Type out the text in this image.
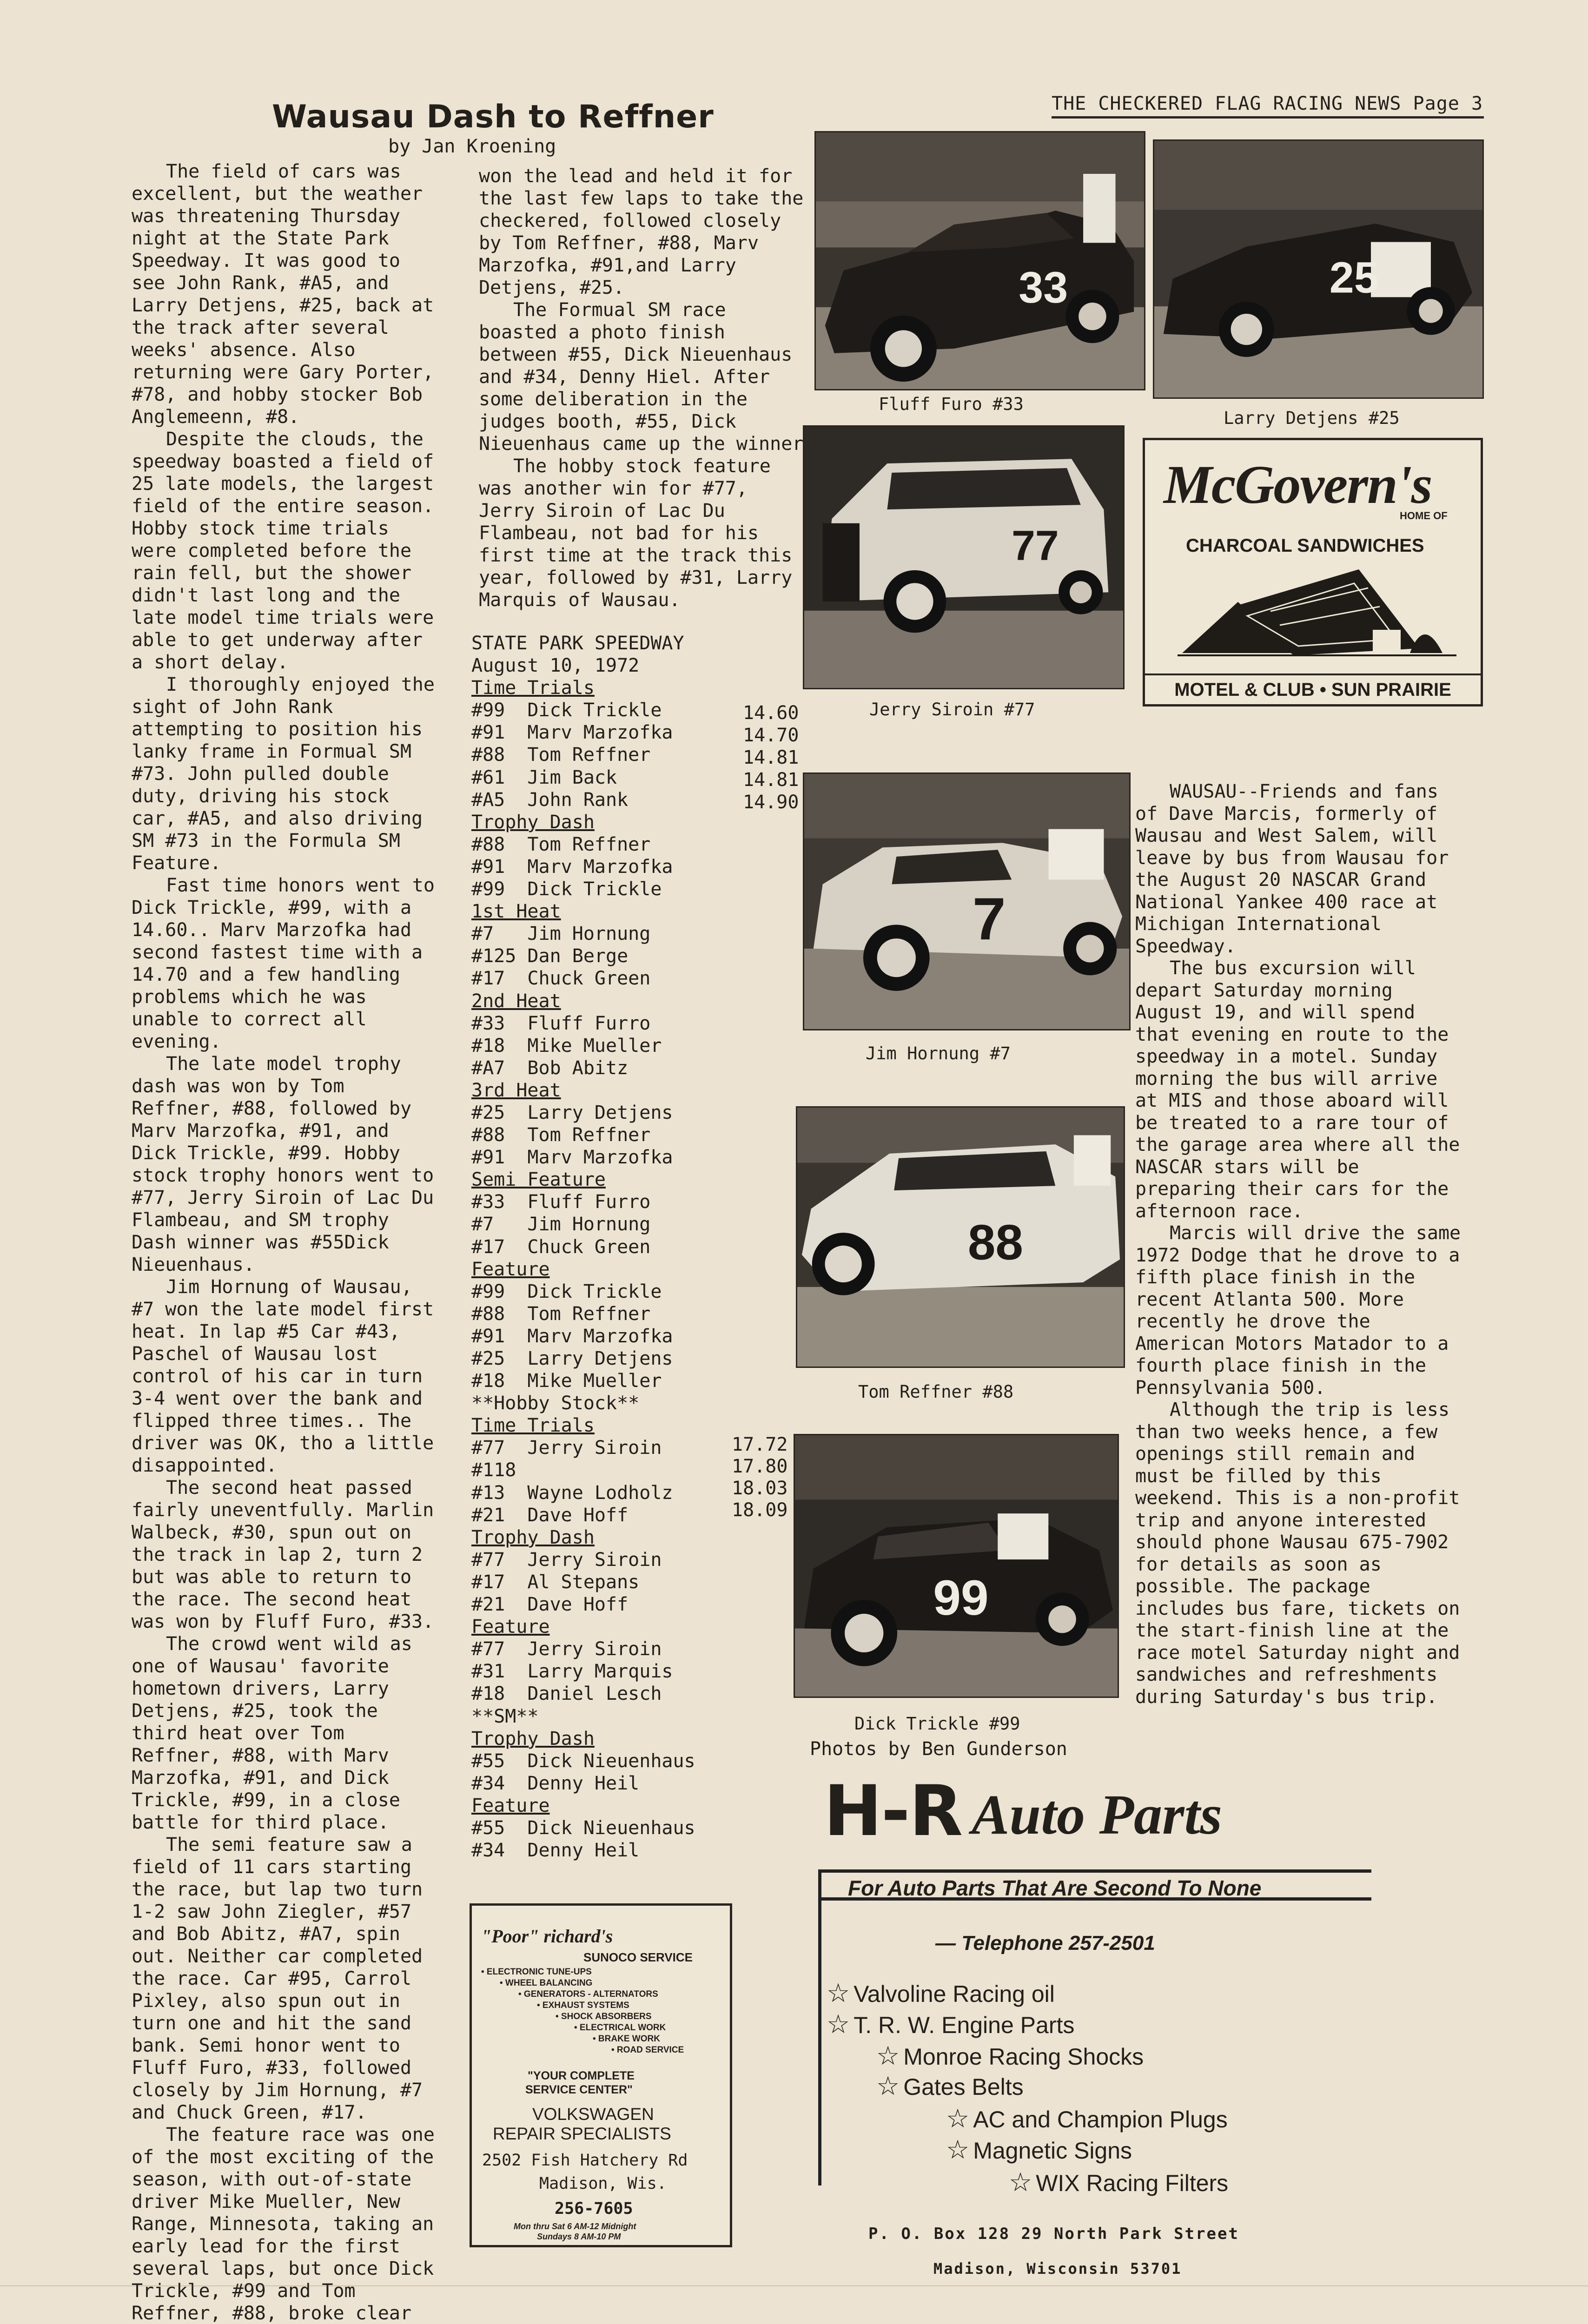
THE CHECKERED FLAG RACING NEWS Page 3
Wausau Dash to Reffner
by Jan Kroening

The field of cars was excellent, but the weather was threatening Thursday night at the State Park Speedway. It was good to see John Rank, #A5, and Larry Detjens, #25, back at the track after several weeks' absence. Also returning were Gary Porter, #78, and hobby stocker Bob Anglemeenn, #8.

Despite the clouds, the speedway boasted a field of 25 late models, the largest field of the entire season. Hobby stock time trials were completed before the rain fell, but the shower didn't last long and the late model time trials were able to get underway after a short delay.

I thoroughly enjoyed the sight of John Rank attempting to position his lanky frame in Formual SM #73. John pulled double duty, driving his stock car, #A5, and also driving SM #73 in the Formula SM Feature.

Fast time honors went to Dick Trickle, #99, with a 14.60.. Marv Marzofka had second fastest time with a 14.70 and a few handling problems which he was unable to correct all evening.

The late model trophy dash was won by Tom Reffner, #88, followed by Marv Marzofka, #91, and Dick Trickle, #99. Hobby stock trophy honors went to #77, Jerry Siroin of Lac Du Flambeau, and SM trophy Dash winner was #55Dick Nieuenhaus.

Jim Hornung of Wausau, #7 won the late model first heat. In lap #5 Car #43, Paschel of Wausau lost control of his car in turn 3-4 went over the bank and flipped three times.. The driver was OK, tho a little disappointed.

The second heat passed fairly uneventfully. Marlin Walbeck, #30, spun out on the track in lap 2, turn 2 but was able to return to the race. The second heat was won by Fluff Furo, #33.

The crowd went wild as one of Wausau' favorite hometown drivers, Larry Detjens, #25, took the third heat over Tom Reffner, #88, with Marv Marzofka, #91, and Dick Trickle, #99, in a close battle for third place.

The semi feature saw a field of 11 cars starting the race, but lap two turn 1-2 saw John Ziegler, #57 and Bob Abitz, #A7, spin out. Neither car completed the race. Car #95, Carrol Pixley, also spun out in turn one and hit the sand bank. Semi honor went to Fluff Furo, #33, followed closely by Jim Hornung, #7 and Chuck Green, #17.

The feature race was one of the most exciting of the season, with out-of-state driver Mike Mueller, New Range, Minnesota, taking an early lead for the first several laps, but once Dick Trickle, #99 and Tom Reffner, #88, broke clear

won the lead and held it for the last few laps to take the checkered, followed closely by Tom Reffner, #88, Marv Marzofka, #91,and Larry Detjens, #25.

The Formual SM race boasted a photo finish between #55, Dick Nieuenhaus and #34, Denny Hiel. After some deliberation in the judges booth, #55, Dick Nieuenhaus came up the winner

The hobby stock feature was another win for #77, Jerry Siroin of Lac Du Flambeau, not bad for his first time at the track this year, followed by #31, Larry Marquis of Wausau.

STATE PARK SPEEDWAY
August 10, 1972
Time Trials
#99  Dick Trickle
#91  Marv Marzofka
#88  Tom Reffner
#61  Jim Back
#A5  John Rank
Trophy Dash
#88  Tom Reffner
#91  Marv Marzofka
#99  Dick Trickle
1st Heat
#7   Jim Hornung
#125 Dan Berge
#17  Chuck Green
2nd Heat
#33  Fluff Furro
#18  Mike Mueller
#A7  Bob Abitz
3rd Heat
#25  Larry Detjens
#88  Tom Reffner
#91  Marv Marzofka
Semi Feature
#33  Fluff Furro
#7   Jim Hornung
#17  Chuck Green
Feature
#99  Dick Trickle
#88  Tom Reffner
#91  Marv Marzofka
#25  Larry Detjens
#18  Mike Mueller
**Hobby Stock**
Time Trials
#77  Jerry Siroin
#118
#13  Wayne Lodholz
#21  Dave Hoff
Trophy Dash
#77  Jerry Siroin
#17  Al Stepans
#21  Dave Hoff
Feature
#77  Jerry Siroin
#31  Larry Marquis
#18  Daniel Lesch
**SM**
Trophy Dash
#55  Dick Nieuenhaus
#34  Denny Heil
Feature
#55  Dick Nieuenhaus
#34  Denny Heil
14.60
14.70
14.81
14.81
14.90
17.72
17.80
18.03
18.09
33
Fluff Furo #33
25
Larry Detjens #25
77
Jerry Siroin #77
7
Jim Hornung #7
88
Tom Reffner #88
99
Dick Trickle #99
Photos by Ben Gunderson
McGovern's
HOME OF
CHARCOAL SANDWICHES
MOTEL & CLUB • SUN PRAIRIE

WAUSAU--Friends and fans of Dave Marcis, formerly of Wausau and West Salem, will leave by bus from Wausau for the August 20 NASCAR Grand National Yankee 400 race at Michigan International Speedway.

The bus excursion will depart Saturday morning August 19, and will spend that evening en route to the speedway in a motel. Sunday morning the bus will arrive at MIS and those aboard will be treated to a rare tour of the garage area where all the NASCAR stars will be preparing their cars for the afternoon race.

Marcis will drive the same 1972 Dodge that he drove to a fifth place finish in the recent Atlanta 500. More recently he drove the American Motors Matador to a fourth place finish in the Pennsylvania 500.

Although the trip is less than two weeks hence, a few openings still remain and must be filled by this weekend. This is a non-profit trip and anyone interested should phone Wausau 675-7902 for details as soon as possible. The package includes bus fare, tickets on the start-finish line at the race motel Saturday night and sandwiches and refreshments during Saturday's bus trip.

"Poor" richard's
SUNOCO SERVICE
• ELECTRONIC TUNE-UPS
• WHEEL BALANCING
• GENERATORS - ALTERNATORS
• EXHAUST SYSTEMS
• SHOCK ABSORBERS
• ELECTRICAL WORK
• BRAKE WORK
• ROAD SERVICE
"YOUR COMPLETE
SERVICE CENTER"
VOLKSWAGEN
REPAIR SPECIALISTS
2502 Fish Hatchery Rd
Madison, Wis.
256-7605
Mon thru Sat 6 AM-12 Midnight
Sundays 8 AM-10 PM
H-R Auto Parts
For Auto Parts That Are Second To None
— Telephone 257-2501
☆ Valvoline Racing oil
☆ T. R. W. Engine Parts
☆ Monroe Racing Shocks
☆ Gates Belts
☆ AC and Champion Plugs
☆ Magnetic Signs
☆ WIX Racing Filters
P. O. Box 128 29 North Park Street
Madison, Wisconsin 53701
